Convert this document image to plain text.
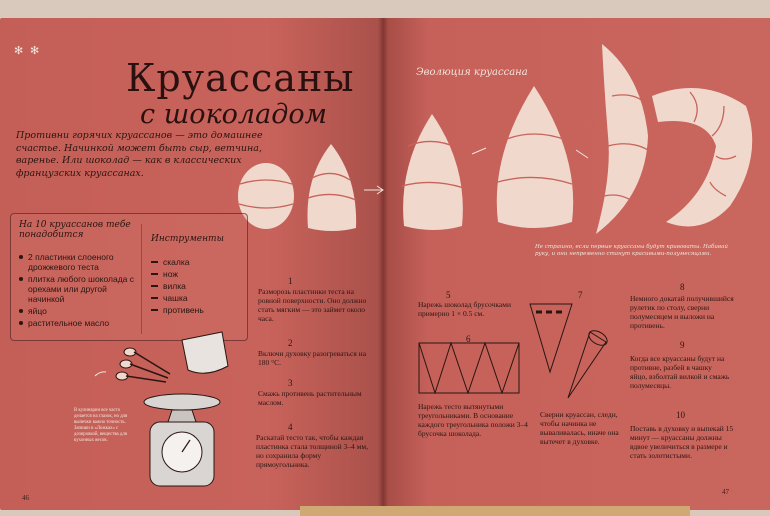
✻ ✻
Круассаны
с шоколадом
Противни горячих круассанов — это домашнее счастье. Начинкой может быть сыр, ветчина, варенье. Или шоколад — как в классических французских круассанах.
На 10 круассанов тебе понадобится
2 пластинки слоеного дрожжевого теста
плитка любого шоколада с орехами или другой начинкой
яйцо
растительное масло
Инструменты
скалка
нож
вилка
чашка
противень
В кулинарии все часто делается на глазок, но для выпечки важно точность. Запиши в «Ложках» с дозировкой, вещества для кухонных весов.
1
Разморозь пластинки теста на ровной поверхности. Оно должно стать мягким — это займет около часа.
2
Включи духовку разогреваться на 180 °С.
3
Смажь противень растительным маслом.
4
Раскатай тесто так, чтобы каждая пластинка стала толщиной 3–4 мм, но сохранила форму прямоугольника.
46
47
Эволюция круассана
Не страшно, если первые круассаны будут кривоваты. Набивай руку, и они непременно станут красивыми-полумесяцами.
5
Нарежь шоколад брусочками примерно 1 × 0.5 см.
6
Нарежь тесто вытянутыми треугольниками. В основание каждого треугольника положи 3–4 брусочка шоколада.
7
Сверни круассан, следи, чтобы начинка не вываливалась, иначе она вытечет в духовке.
8
Немного докатай получившийся рулетик по столу, сверни полумесяцем и выложи на противень.
9
Когда все круассаны будут на противне, разбей в чашку яйцо, взболтай вилкой и смажь полумесяцы.
10
Поставь в духовку и выпекай 15 минут — круассаны должны вдвое увеличиться в размере и стать золотистыми.
